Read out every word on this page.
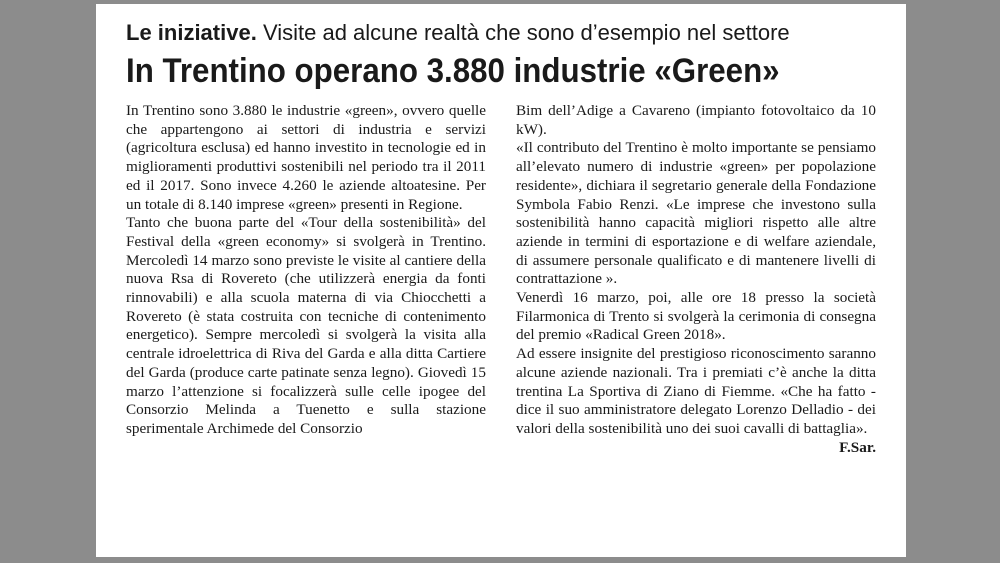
Le iniziative. Visite ad alcune realtà che sono d’esempio nel settore
In Trentino operano 3.880 industrie «Green»

In Trentino sono 3.880 le industrie «green», ovvero quelle che appartengono ai settori di industria e servizi (agricoltura esclusa) ed hanno investito in tecnologie ed in miglioramenti produttivi sostenibili nel periodo tra il 2011 ed il 2017. Sono invece 4.260 le aziende altoatesine. Per un totale di 8.140 imprese «green» presenti in Regione.

Tanto che buona parte del «Tour della sostenibilità» del Festival della «green economy» si svolgerà in Trentino. Mercoledì 14 marzo sono previste le visite al cantiere della nuova Rsa di Rovereto (che utilizzerà energia da fonti rinnovabili) e alla scuola materna di via Chiocchetti a Rovereto (è stata costruita con tecniche di contenimento energetico). Sempre mercoledì si svolgerà la visita alla centrale idroelettrica di Riva del Garda e alla ditta Cartiere del Garda (produce carte patinate senza legno). Giovedì 15 marzo l’attenzione si focalizzerà sulle celle ipogee del Consorzio Melinda a Tuenetto e sulla stazione sperimentale Archimede del Consorzio

Bim dell’Adige a Cavareno (impianto fotovoltaico da 10 kW).

«Il contributo del Trentino è molto importante se pensiamo all’elevato numero di industrie «green» per popolazione residente», dichiara il segretario generale della Fondazione Symbola Fabio Renzi. «Le imprese che investono sulla sostenibilità hanno capacità migliori rispetto alle altre aziende in termini di esportazione e di welfare aziendale, di assumere personale qualificato e di mantenere livelli di contrattazione ».

Venerdì 16 marzo, poi, alle ore 18 presso la società Filarmonica di Trento si svolgerà la cerimonia di consegna del premio «Radical Green 2018».

Ad essere insignite del prestigioso riconoscimento saranno alcune aziende nazionali. Tra i premiati c’è anche la ditta trentina La Sportiva di Ziano di Fiemme. «Che ha fatto - dice il suo amministratore delegato Lorenzo Delladio - dei valori della sostenibilità uno dei suoi cavalli di battaglia».
F.Sar.
